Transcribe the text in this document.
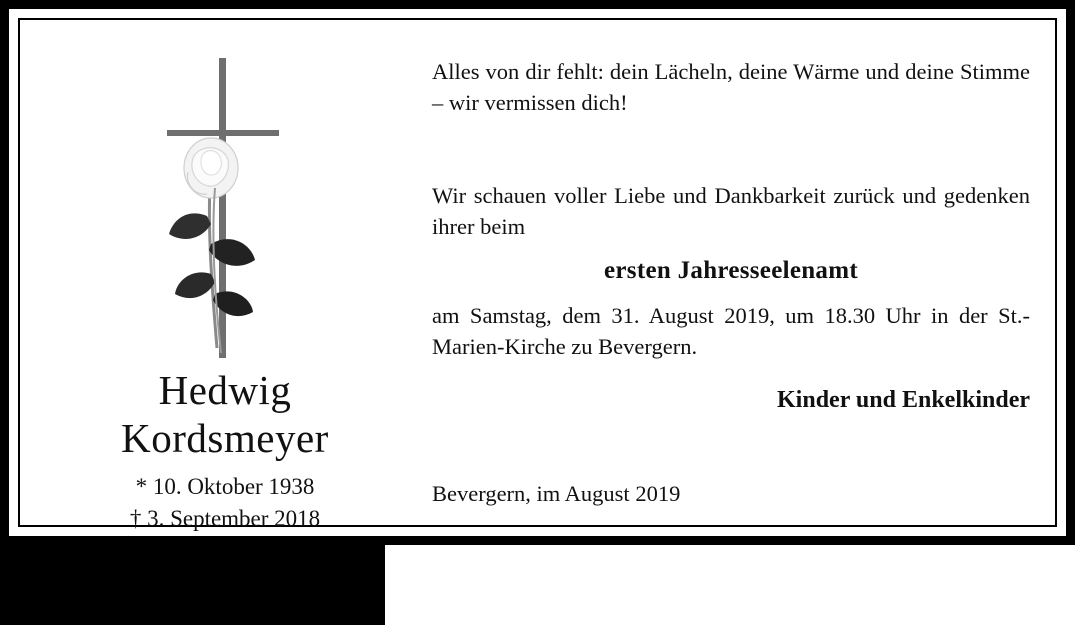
Hedwig
Kordsmeyer
* 10. Oktober 1938
† 3. September 2018

Alles von dir fehlt: dein Lächeln, deine Wärme und deine Stimme – wir vermissen dich!

Wir schauen voller Liebe und Dankbarkeit zurück und gedenken ihrer beim

ersten Jahresseelenamt

am Samstag, dem 31. August 2019, um 18.30 Uhr in der St.-Marien-Kirche zu Bevergern.

Kinder und Enkelkinder

Bevergern, im August 2019
